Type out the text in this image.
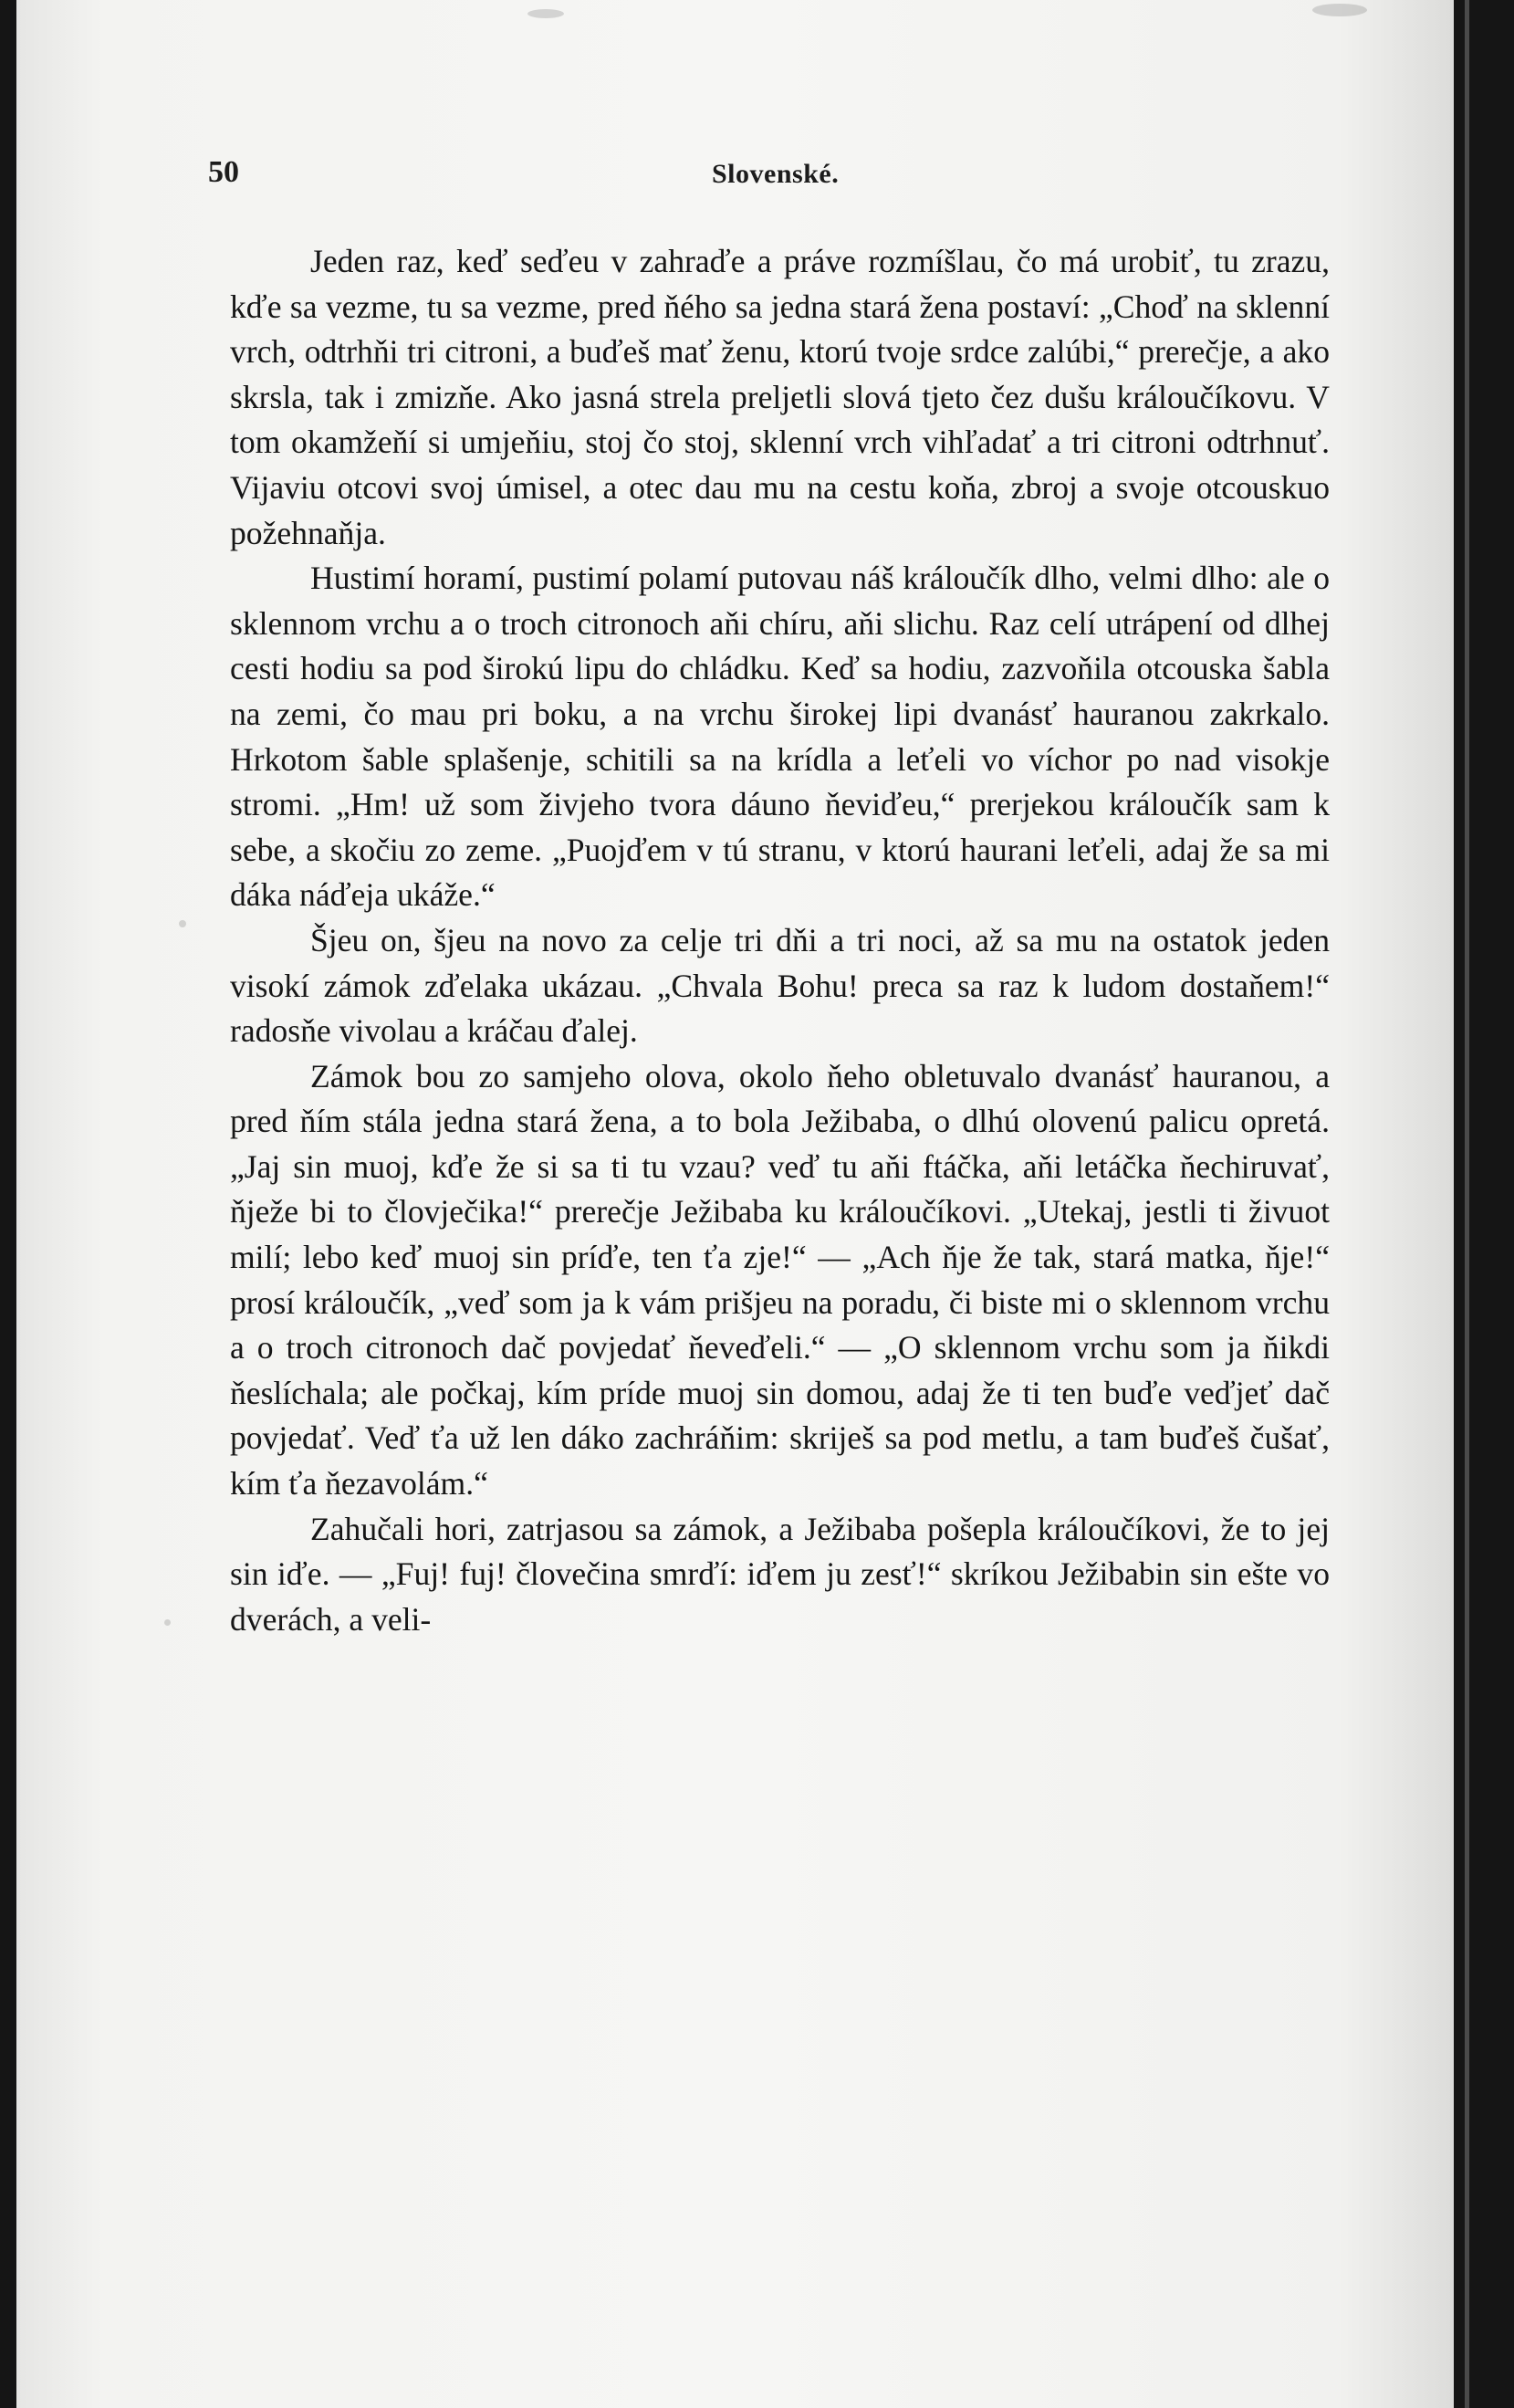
50	Slovenské.

Jeden raz, keď seďeu v zahraďe a práve rozmíšlau, čo má urobiť, tu zrazu, kďe sa vezme, tu sa vezme, pred ňého sa jedna stará žena postaví: „Choď na sklenní vrch, odtrhňi tri citroni, a buďeš mať ženu, ktorú tvoje srdce zalúbi,“ prerečje, a ako skrsla, tak i zmizňe. Ako jasná strela preljetli slová tjeto čez dušu králoučíkovu. V tom okamžeňí si umjeňiu, stoj čo stoj, sklenní vrch vihľadať a tri citroni odtrhnuť. Vijaviu otcovi svoj úmisel, a otec dau mu na cestu koňa, zbroj a svoje otcouskuo požehnaňja.

Hustimí horamí, pustimí polamí putovau náš králoučík dlho, velmi dlho: ale o sklennom vrchu a o troch citronoch aňi chíru, aňi slichu. Raz celí utrápení od dlhej cesti hodiu sa pod širokú lipu do chládku. Keď sa hodiu, zazvoňila otcouska šabla na zemi, čo mau pri boku, a na vrchu širokej lipi dvanásť hauranou zakrkalo. Hrkotom šable splašenje, schitili sa na krídla a leťeli vo víchor po nad visokje stromi. „Hm! už som živjeho tvora dáuno ňeviďeu,“ prerjekou králoučík sam k sebe, a skočiu zo zeme. „Puojďem v tú stranu, v ktorú haurani leťeli, adaj že sa mi dáka náďeja ukáže.“

Šjeu on, šjeu na novo za celje tri dňi a tri noci, až sa mu na ostatok jeden visokí zámok zďelaka ukázau. „Chvala Bohu! preca sa raz k ludom dostaňem!“ radosňe vivolau a kráčau ďalej.

Zámok bou zo samjeho olova, okolo ňeho obletuvalo dvanásť hauranou, a pred ňím stála jedna stará žena, a to bola Ježibaba, o dlhú olovenú palicu opretá. „Jaj sin muoj, kďe že si sa ti tu vzau? veď tu aňi ftáčka, aňi letáčka ňechiruvať, ňježe bi to človječika!“ prerečje Ježibaba ku králoučíkovi. „Utekaj, jestli ti živuot milí; lebo keď muoj sin príďe, ten ťa zje!“ — „Ach ňje že tak, stará matka, ňje!“ prosí králoučík, „veď som ja k vám prišjeu na poradu, či biste mi o sklennom vrchu a o troch citronoch dač povjedať ňeveďeli.“ — „O sklennom vrchu som ja ňikdi ňeslíchala; ale počkaj, kím príde muoj sin domou, adaj že ti ten buďe veďjeť dač povjedať. Veď ťa už len dáko zachráňim: skriješ sa pod metlu, a tam buďeš čušať, kím ťa ňezavolám.“

Zahučali hori, zatrjasou sa zámok, a Ježibaba pošepla králoučíkovi, že to jej sin iďe. — „Fuj! fuj! človečina smrďí: iďem ju zesť!“ skríkou Ježibabin sin ešte vo dverách, a veli-
